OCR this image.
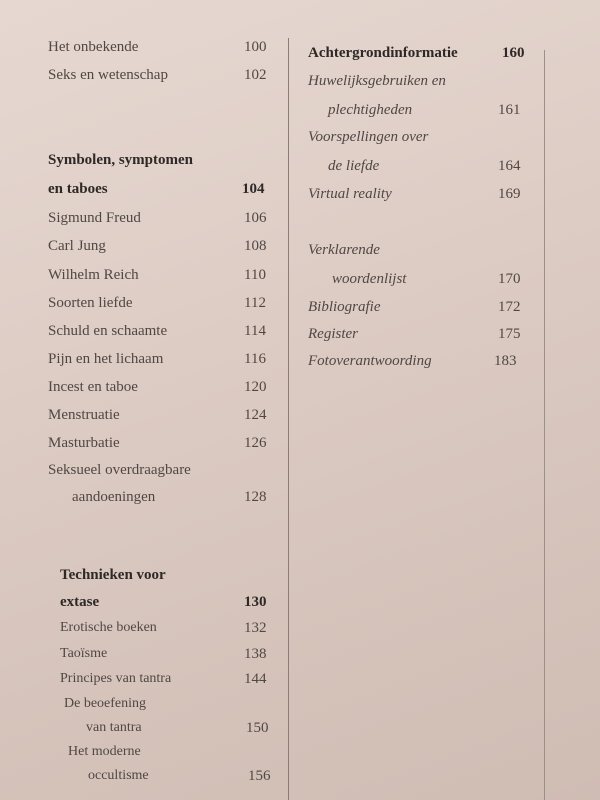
Het onbekende	100
Seks en wetenschap	102
Symbolen, symptomen
en taboes	104
Sigmund Freud	106
Carl Jung	108
Wilhelm Reich	110
Soorten liefde	112
Schuld en schaamte	114
Pijn en het lichaam	116
Incest en taboe	120
Menstruatie	124
Masturbatie	126
Seksueel overdraagbare
aandoeningen	128
Technieken voor
extase	130
Erotische boeken	132
Taoïsme	138
Principes van tantra	144
De beoefening
van tantra	150
Het moderne
occultisme	156
Achtergrondinformatie	160
Huwelijksgebruiken en
plechtigheden	161
Voorspellingen over
de liefde	164
Virtual reality	169
Verklarende
woordenlijst	170
Bibliografie	172
Register	175
Fotoverantwoording	183
